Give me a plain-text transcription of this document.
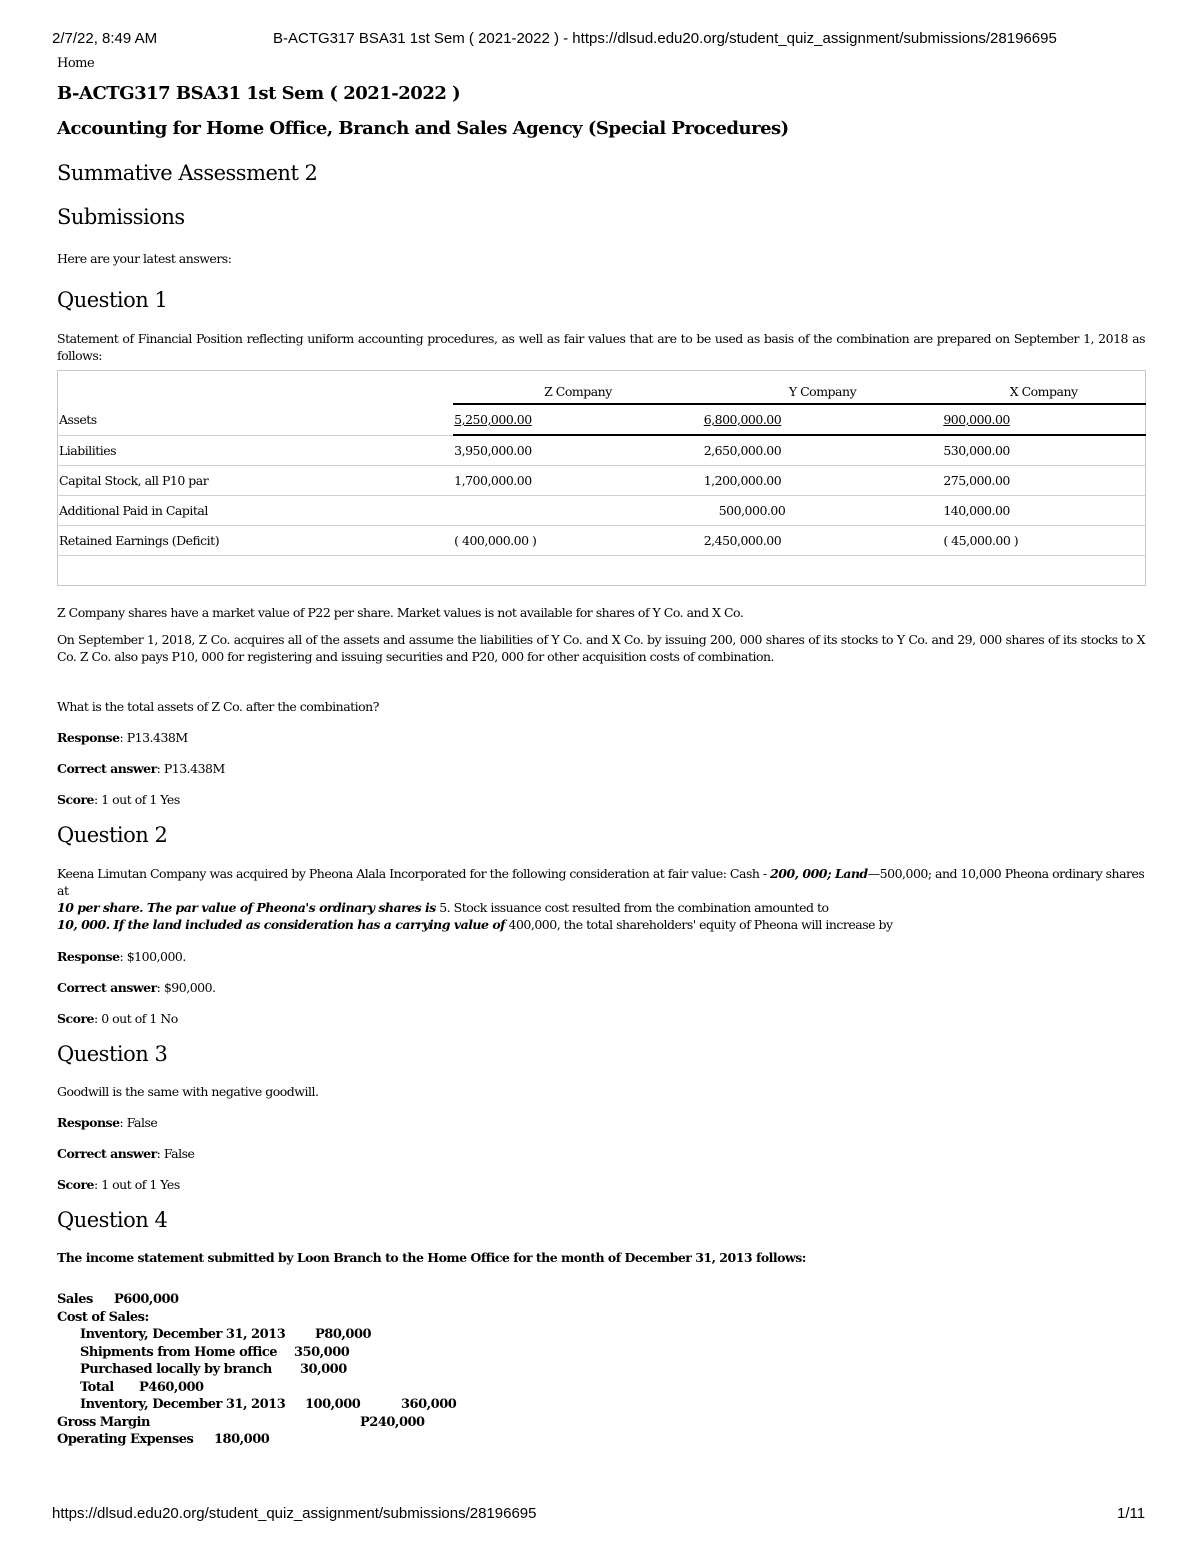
2/7/22, 8:49 AM	B-ACTG317 BSA31 1st Sem ( 2021-2022 ) - https://dlsud.edu20.org/student_quiz_assignment/submissions/28196695

Home

B-ACTG317 BSA31 1st Sem ( 2021-2022 )
Accounting for Home Office, Branch and Sales Agency (Special Procedures)
Summative Assessment 2
Submissions

Here are your latest answers:

Question 1

Statement of Financial Position reflecting uniform accounting procedures, as well as fair values that are to be used as basis of the combination are prepared on September 1, 2018 as follows:

	Z Company	Y Company	X Company
Assets	5,250,000.00	6,800,000.00	900,000.00
Liabilities	3,950,000.00	2,650,000.00	530,000.00
Capital Stock, all P10 par	1,700,000.00	1,200,000.00	275,000.00
Additional Paid in Capital		500,000.00	140,000.00
Retained Earnings (Deficit)	( 400,000.00 )	2,450,000.00	( 45,000.00 )

Z Company shares have a market value of P22 per share. Market values is not available for shares of Y Co. and X Co.

On September 1, 2018, Z Co. acquires all of the assets and assume the liabilities of Y Co. and X Co. by issuing 200, 000 shares of its stocks to Y Co. and 29, 000 shares of its stocks to X Co. Z Co. also pays P10, 000 for registering and issuing securities and P20, 000 for other acquisition costs of combination.

What is the total assets of Z Co. after the combination?

Response: P13.438M

Correct answer: P13.438M

Score: 1 out of 1 Yes

Question 2

Keena Limutan Company was acquired by Pheona Alala Incorporated for the following consideration at fair value: Cash - 200, 000; Land—500,000; and 10,000 Pheona ordinary shares at

10 per share. The par value of Pheona's ordinary shares is 5. Stock issuance cost resulted from the combination amounted to

10, 000. If the land included as consideration has a carrying value of 400,000, the total shareholders' equity of Pheona will increase by

Response: $100,000.

Correct answer: $90,000.

Score: 0 out of 1 No

Question 3

Goodwill is the same with negative goodwill.

Response: False

Correct answer: False

Score: 1 out of 1 Yes

Question 4

The income statement submitted by Loon Branch to the Home Office for the month of December 31, 2013 follows:

Sales P600,000
Cost of Sales:
Inventory, December 31, 2013 P80,000
Shipments from Home office 350,000
Purchased locally by branch 30,000
Total P460,000
Inventory, December 31, 2013 100,000	360,000
Gross Margin	P240,000
Operating Expenses 180,000
https://dlsud.edu20.org/student_quiz_assignment/submissions/28196695	1/11
